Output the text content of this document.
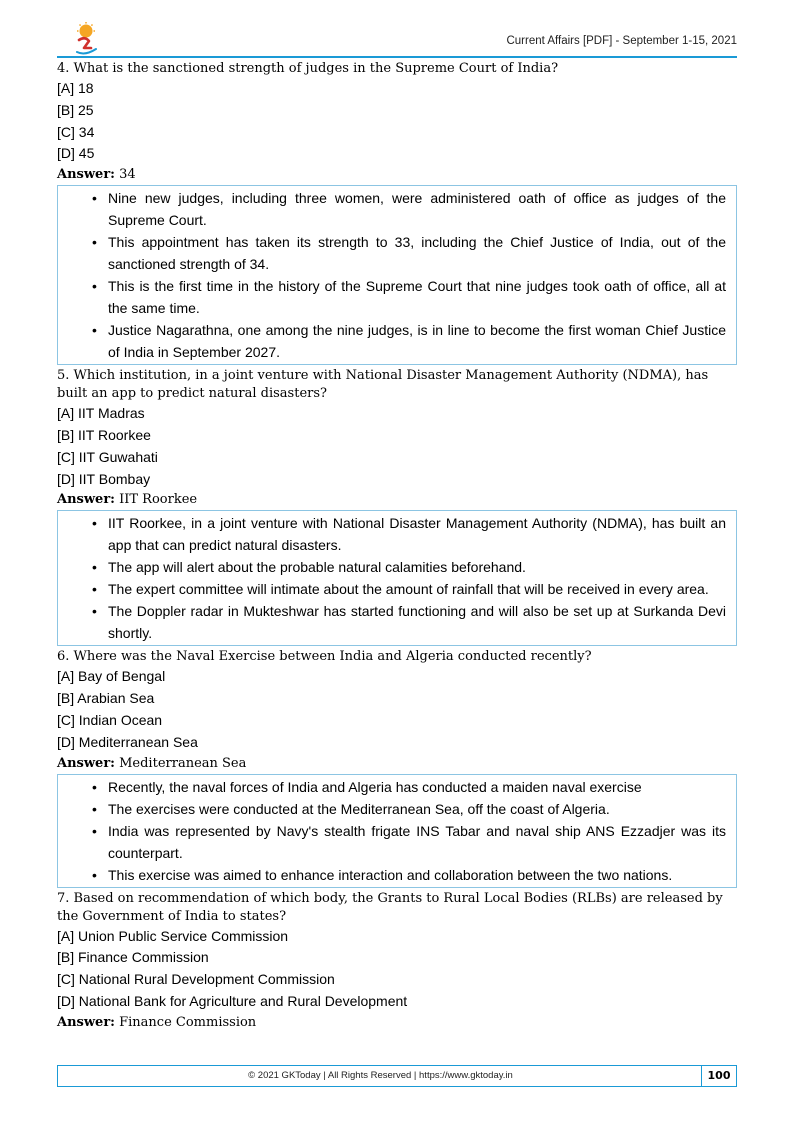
Current Affairs [PDF] - September 1-15, 2021

4. What is the sanctioned strength of judges in the Supreme Court of India?

[A] 18

[B] 25

[C] 34

[D] 45

Answer: 34

• Nine new judges, including three women, were administered oath of office as judges of the Supreme Court.
• This appointment has taken its strength to 33, including the Chief Justice of India, out of the sanctioned strength of 34.
• This is the first time in the history of the Supreme Court that nine judges took oath of office, all at the same time.
• Justice Nagarathna, one among the nine judges, is in line to become the first woman Chief Justice of India in September 2027.

5. Which institution, in a joint venture with National Disaster Management Authority (NDMA), has built an app to predict natural disasters?

[A] IIT Madras

[B] IIT Roorkee

[C] IIT Guwahati

[D] IIT Bombay

Answer: IIT Roorkee

• IIT Roorkee, in a joint venture with National Disaster Management Authority (NDMA), has built an app that can predict natural disasters.
• The app will alert about the probable natural calamities beforehand.
• The expert committee will intimate about the amount of rainfall that will be received in every area.
• The Doppler radar in Mukteshwar has started functioning and will also be set up at Surkanda Devi shortly.

6. Where was the Naval Exercise between India and Algeria conducted recently?

[A] Bay of Bengal

[B] Arabian Sea

[C] Indian Ocean

[D] Mediterranean Sea

Answer: Mediterranean Sea

• Recently, the naval forces of India and Algeria has conducted a maiden naval exercise
• The exercises were conducted at the Mediterranean Sea, off the coast of Algeria.
• India was represented by Navy's stealth frigate INS Tabar and naval ship ANS Ezzadjer was its counterpart.
• This exercise was aimed to enhance interaction and collaboration between the two nations.

7. Based on recommendation of which body, the Grants to Rural Local Bodies (RLBs) are released by the Government of India to states?

[A] Union Public Service Commission

[B] Finance Commission

[C] National Rural Development Commission

[D] National Bank for Agriculture and Rural Development

Answer: Finance Commission

© 2021 GKToday | All Rights Reserved | https://www.gktoday.in	100
